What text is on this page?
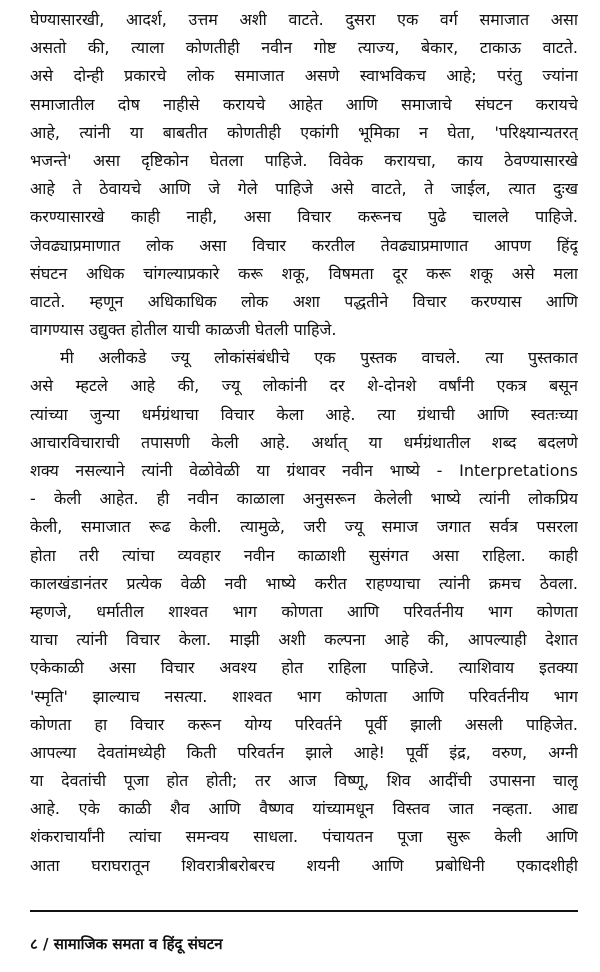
घेण्यासारखी, आदर्श, उत्तम अशी वाटते. दुसरा एक वर्ग समाजात असा
असतो की, त्याला कोणतीही नवीन गोष्ट त्याज्य, बेकार, टाकाऊ वाटते.
असे दोन्ही प्रकारचे लोक समाजात असणे स्वाभविकच आहे; परंतु ज्यांना
समाजातील दोष नाहीसे करायचे आहेत आणि समाजाचे संघटन करायचे
आहे, त्यांनी या बाबतीत कोणतीही एकांगी भूमिका न घेता, 'परिक्ष्यान्यतरत्
भजन्ते' असा दृष्टिकोन घेतला पाहिजे. विवेक करायचा, काय ठेवण्यासारखे
आहे ते ठेवायचे आणि जे गेले पाहिजे असे वाटते, ते जाईल, त्यात दुःख
करण्यासारखे काही नाही, असा विचार करूनच पुढे चालले पाहिजे.
जेवढ्याप्रमाणात लोक असा विचार करतील तेवढ्याप्रमाणात आपण हिंदू
संघटन अधिक चांगल्याप्रकारे करू शकू, विषमता दूर करू शकू असे मला
वाटते. म्हणून अधिकाधिक लोक अशा पद्धतीने विचार करण्यास आणि
वागण्यास उद्युक्त होतील याची काळजी घेतली पाहिजे.
मी अलीकडे ज्यू लोकांसंबंधीचे एक पुस्तक वाचले. त्या पुस्तकात
असे म्हटले आहे की, ज्यू लोकांनी दर शे-दोनशे वर्षांनी एकत्र बसून
त्यांच्या जुन्या धर्मग्रंथाचा विचार केला आहे. त्या ग्रंथाची आणि स्वतःच्या
आचारविचाराची तपासणी केली आहे. अर्थात् या धर्मग्रंथातील शब्द बदलणे
शक्य नसल्याने त्यांनी वेळोवेळी या ग्रंथावर नवीन भाष्ये - Interpretations
- केली आहेत. ही नवीन काळाला अनुसरून केलेली भाष्ये त्यांनी लोकप्रिय
केली, समाजात रूढ केली. त्यामुळे, जरी ज्यू समाज जगात सर्वत्र पसरला
होता तरी त्यांचा व्यवहार नवीन काळाशी सुसंगत असा राहिला. काही
कालखंडानंतर प्रत्येक वेळी नवी भाष्ये करीत राहण्याचा त्यांनी क्रमच ठेवला.
म्हणजे, धर्मातील शाश्वत भाग कोणता आणि परिवर्तनीय भाग कोणता
याचा त्यांनी विचार केला. माझी अशी कल्पना आहे की, आपल्याही देशात
एकेकाळी असा विचार अवश्य होत राहिला पाहिजे. त्याशिवाय इतक्या
'स्मृति' झाल्याच नसत्या. शाश्वत भाग कोणता आणि परिवर्तनीय भाग
कोणता हा विचार करून योग्य परिवर्तने पूर्वी झाली असली पाहिजेत.
आपल्या देवतांमध्येही किती परिवर्तन झाले आहे! पूर्वी इंद्र, वरुण, अग्नी
या देवतांची पूजा होत होती; तर आज विष्णू, शिव आदींची उपासना चालू
आहे. एके काळी शैव आणि वैष्णव यांच्यामधून विस्तव जात नव्हता. आद्य
शंकराचार्यांनी त्यांचा समन्वय साधला. पंचायतन पूजा सुरू केली आणि
आता घराघरातून शिवरात्रीबरोबरच शयनी आणि प्रबोधिनी एकादशीही
८ / सामाजिक समता व हिंदू संघटन
